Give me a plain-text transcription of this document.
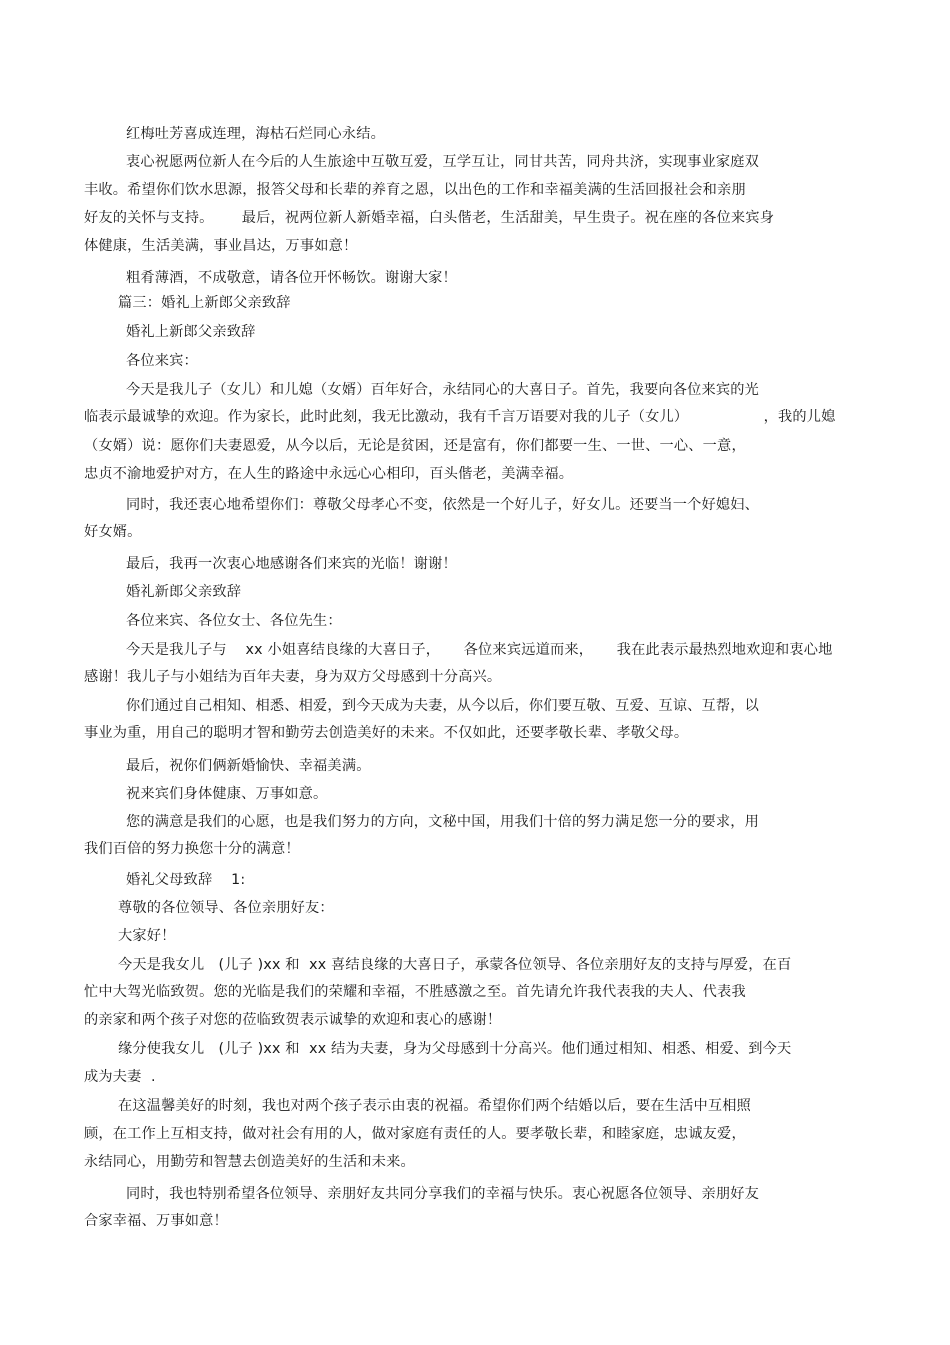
红梅吐芳喜成连理，海枯石烂同心永结。
衷心祝愿两位新人在今后的人生旅途中互敬互爱，互学互让，同甘共苦，同舟共济，实现事业家庭双
丰收。希望你们饮水思源，报答父母和长辈的养育之恩，以出色的工作和幸福美满的生活回报社会和亲朋
好友的关怀与支持。      最后，祝两位新人新婚幸福，白头偕老，生活甜美，早生贵子。祝在座的各位来宾身
体健康，生活美满，事业昌达，万事如意！
粗肴薄酒，不成敬意，请各位开怀畅饮。谢谢大家！
篇三：婚礼上新郎父亲致辞
婚礼上新郎父亲致辞
各位来宾：
今天是我儿子（女儿）和儿媳（女婿）百年好合，永结同心的大喜日子。首先，我要向各位来宾的光
临表示最诚挚的欢迎。作为家长，此时此刻，我无比激动，我有千言万语要对我的儿子（女儿）                ，我的儿媳
（女婿）说：愿你们夫妻恩爱，从今以后，无论是贫困，还是富有，你们都要一生、一世、一心、一意，
忠贞不渝地爱护对方，在人生的路途中永远心心相印，百头偕老，美满幸福。
同时，我还衷心地希望你们：尊敬父母孝心不变，依然是一个好儿子，好女儿。还要当一个好媳妇、
好女婿。
最后，我再一次衷心地感谢各们来宾的光临！谢谢！
婚礼新郎父亲致辞
各位来宾、各位女士、各位先生：
今天是我儿子与    xx 小姐喜结良缘的大喜日子，     各位来宾远道而来，     我在此表示最热烈地欢迎和衷心地
感谢！我儿子与小姐结为百年夫妻，身为双方父母感到十分高兴。
你们通过自己相知、相悉、相爱，到今天成为夫妻，从今以后，你们要互敬、互爱、互谅、互帮，以
事业为重，用自己的聪明才智和勤劳去创造美好的未来。不仅如此，还要孝敬长辈、孝敬父母。
最后，祝你们俩新婚愉快、幸福美满。
祝来宾们身体健康、万事如意。
您的满意是我们的心愿，也是我们努力的方向，文秘中国，用我们十倍的努力满足您一分的要求，用
我们百倍的努力换您十分的满意！
婚礼父母致辞    1:
尊敬的各位领导、各位亲朋好友：
大家好！
今天是我女儿   (儿子 )xx 和  xx 喜结良缘的大喜日子，承蒙各位领导、各位亲朋好友的支持与厚爱，在百
忙中大驾光临致贺。您的光临是我们的荣耀和幸福，不胜感激之至。首先请允许我代表我的夫人、代表我
的亲家和两个孩子对您的莅临致贺表示诚挚的欢迎和衷心的感谢！
缘分使我女儿   (儿子 )xx 和  xx 结为夫妻，身为父母感到十分高兴。他们通过相知、相悉、相爱、到今天
成为夫妻  .
在这温馨美好的时刻，我也对两个孩子表示由衷的祝福。希望你们两个结婚以后，要在生活中互相照
顾，在工作上互相支持，做对社会有用的人，做对家庭有责任的人。要孝敬长辈，和睦家庭，忠诚友爱，
永结同心，用勤劳和智慧去创造美好的生活和未来。
同时，我也特别希望各位领导、亲朋好友共同分享我们的幸福与快乐。衷心祝愿各位领导、亲朋好友
合家幸福、万事如意！
